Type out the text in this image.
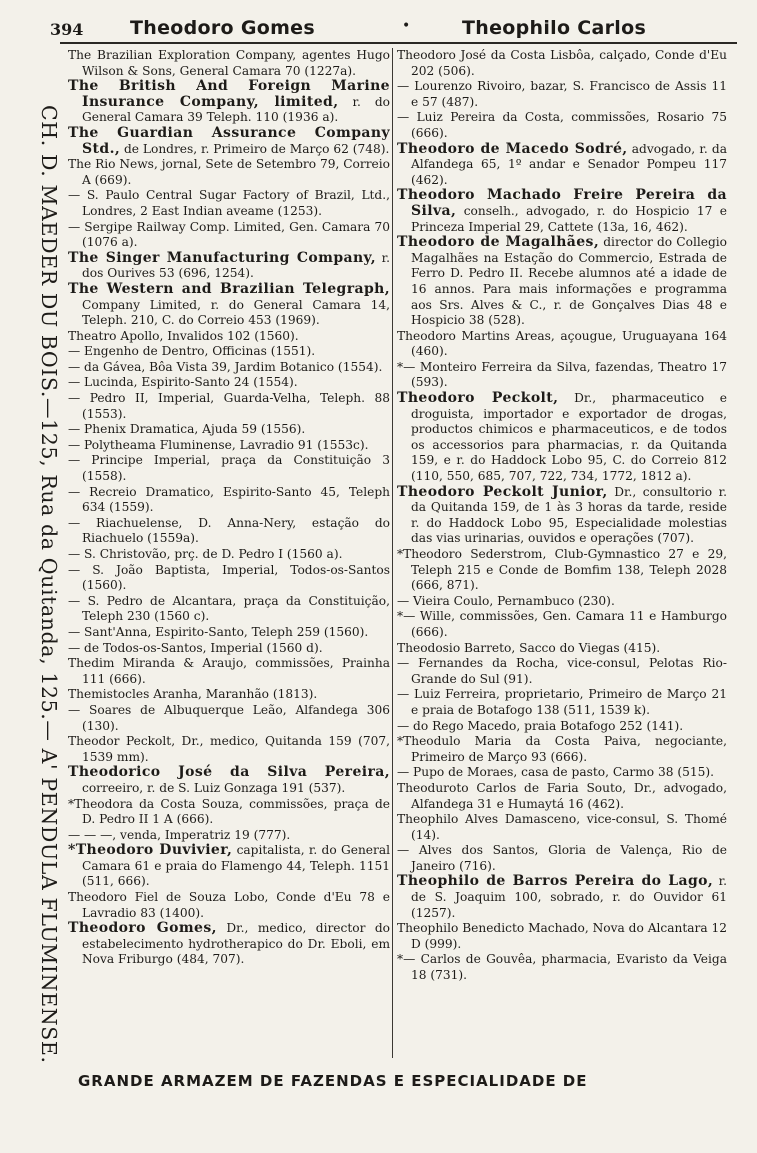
394 Theodoro Gomes	•	Theophilo Carlos
CH. D. MAEDER DU BOIS.—125, Rua da Quitanda, 125.— A' PENDULA FLUMINENSE.
The Brazilian Exploration Company, agentes Hugo Wilson & Sons, General Camara 70 (1227a).
The British And Foreign Marine Insurance Company, limited, r. do General Camara 39 Teleph. 110 (1936 a).
The Guardian Assurance Company Std., de Londres, r. Primeiro de Março 62 (748).
The Rio News, jornal, Sete de Setembro 79, Correio A (669).
— S. Paulo Central Sugar Factory of Brazil, Ltd., Londres, 2 East Indian aveame (1253).
— Sergipe Railway Comp. Limited, Gen. Camara 70 (1076 a).
The Singer Manufacturing Company, r. dos Ourives 53 (696, 1254).
The Western and Brazilian Telegraph, Company Limited, r. do General Camara 14, Teleph. 210, C. do Correio 453 (1969).
Theatro Apollo, Invalidos 102 (1560).
— Engenho de Dentro, Officinas (1551).
— da Gávea, Bôa Vista 39, Jardim Botanico (1554).
— Lucinda, Espirito-Santo 24 (1554).
— Pedro II, Imperial, Guarda-Velha, Teleph. 88 (1553).
— Phenix Dramatica, Ajuda 59 (1556).
— Polytheama Fluminense, Lavradio 91 (1553c).
— Principe Imperial, praça da Constituição 3 (1558).
— Recreio Dramatico, Espirito-Santo 45, Teleph 634 (1559).
— Riachuelense, D. Anna-Nery, estação do Riachuelo (1559a).
— S. Christovão, prç. de D. Pedro I (1560 a).
— S. João Baptista, Imperial, Todos-os-Santos (1560).
— S. Pedro de Alcantara, praça da Constituição, Teleph 230 (1560 c).
— Sant'Anna, Espirito-Santo, Teleph 259 (1560).
— de Todos-os-Santos, Imperial (1560 d).
Thedim Miranda & Araujo, commissões, Prainha 111 (666).
Themistocles Aranha, Maranhão (1813).
— Soares de Albuquerque Leão, Alfandega 306 (130).
Theodor Peckolt, Dr., medico, Quitanda 159 (707, 1539 mm).
Theodorico José da Silva Pereira, correeiro, r. de S. Luiz Gonzaga 191 (537).
*Theodora da Costa Souza, commissões, praça de D. Pedro II 1 A (666).
— — —, venda, Imperatriz 19 (777).
*Theodoro Duvivier, capitalista, r. do General Camara 61 e praia do Flamengo 44, Teleph. 1151 (511, 666).
Theodoro Fiel de Souza Lobo, Conde d'Eu 78 e Lavradio 83 (1400).
Theodoro Gomes, Dr., medico, director do estabelecimento hydrotherapico do Dr. Eboli, em Nova Friburgo (484, 707).
Theodoro José da Costa Lisbôa, calçado, Conde d'Eu 202 (506).
— Lourenzo Rivoiro, bazar, S. Francisco de Assis 11 e 57 (487).
— Luiz Pereira da Costa, commissões, Rosario 75 (666).
Theodoro de Macedo Sodré, advogado, r. da Alfandega 65, 1º andar e Senador Pompeu 117 (462).
Theodoro Machado Freire Pereira da Silva, conselh., advogado, r. do Hospicio 17 e Princeza Imperial 29, Cattete (13a, 16, 462).
Theodoro de Magalhães, director do Collegio Magalhães na Estação do Commercio, Estrada de Ferro D. Pedro II. Recebe alumnos até a idade de 16 annos. Para mais informações e programma aos Srs. Alves & C., r. de Gonçalves Dias 48 e Hospicio 38 (528).
Theodoro Martins Areas, açougue, Uruguayana 164 (460).
*— Monteiro Ferreira da Silva, fazendas, Theatro 17 (593).
Theodoro Peckolt, Dr., pharmaceutico e droguista, importador e exportador de drogas, productos chimicos e pharmaceuticos, e de todos os accessorios para pharmacias, r. da Quitanda 159, e r. do Haddock Lobo 95, C. do Correio 812 (110, 550, 685, 707, 722, 734, 1772, 1812 a).
Theodoro Peckolt Junior, Dr., consultorio r. da Quitanda 159, de 1 às 3 horas da tarde, reside r. do Haddock Lobo 95, Especialidade molestias das vias urinarias, ouvidos e operações (707).
*Theodoro Sederstrom, Club-Gymnastico 27 e 29, Teleph 215 e Conde de Bomfim 138, Teleph 2028 (666, 871).
— Vieira Coulo, Pernambuco (230).
*— Wille, commissões, Gen. Camara 11 e Hamburgo (666).
Theodosio Barreto, Sacco do Viegas (415).
— Fernandes da Rocha, vice-consul, Pelotas Rio-Grande do Sul (91).
— Luiz Ferreira, proprietario, Primeiro de Março 21 e praia de Botafogo 138 (511, 1539 k).
— do Rego Macedo, praia Botafogo 252 (141).
*Theodulo Maria da Costa Paiva, negociante, Primeiro de Março 93 (666).
— Pupo de Moraes, casa de pasto, Carmo 38 (515).
Theoduroto Carlos de Faria Souto, Dr., advogado, Alfandega 31 e Humaytá 16 (462).
Theophilo Alves Damasceno, vice-consul, S. Thomé (14).
— Alves dos Santos, Gloria de Valença, Rio de Janeiro (716).
Theophilo de Barros Pereira do Lago, r. de S. Joaquim 100, sobrado, r. do Ouvidor 61 (1257).
Theophilo Benedicto Machado, Nova do Alcantara 12 D (999).
*— Carlos de Gouvêa, pharmacia, Evaristo da Veiga 18 (731).
GRANDE ARMAZEM DE FAZENDAS E ESPECIALIDADE DE
